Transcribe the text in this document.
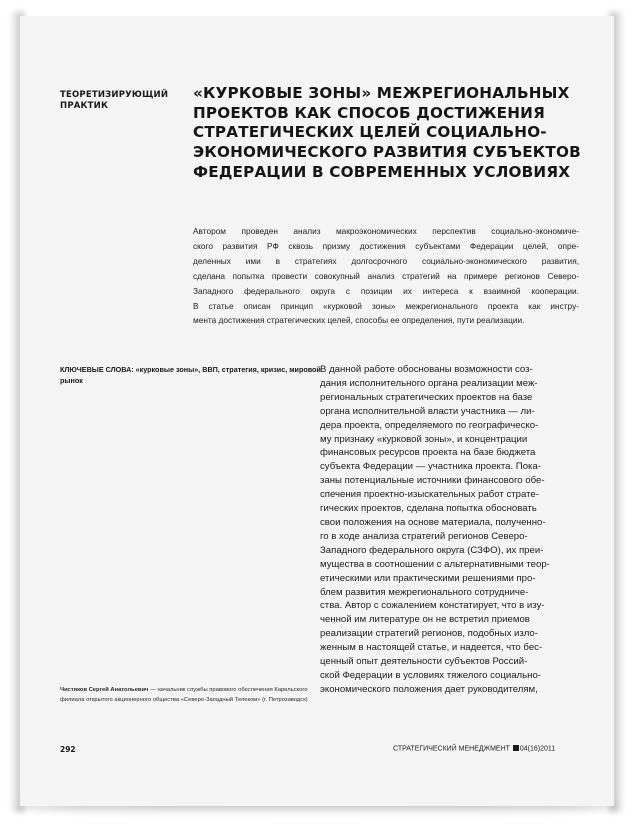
ТЕОРЕТИЗИРУЮЩИЙ
ПРАКТИК
«КУРКОВЫЕ ЗОНЫ» МЕЖРЕГИОНАЛЬНЫХ
ПРОЕКТОВ КАК СПОСОБ ДОСТИЖЕНИЯ
СТРАТЕГИЧЕСКИХ ЦЕЛЕЙ СОЦИАЛЬНО-
ЭКОНОМИЧЕСКОГО РАЗВИТИЯ СУБЪЕКТОВ
ФЕДЕРАЦИИ В СОВРЕМЕННЫХ УСЛОВИЯХ
Автором проведен анализ макроэкономических перспектив социально-экономиче-
ского развития РФ сквозь призму достижения субъектами Федерации целей, опре-
деленных ими в стратегиях долгосрочного социально-экономического развития,
сделана попытка провести совокупный анализ стратегий на примере регионов Северо-
Западного федерального округа с позиции их интереса к взаимной кооперации.
В статье описан принцип «курковой зоны» межрегионального проекта как инстру-
мента достижения стратегических целей, способы ее определения, пути реализации.
КЛЮЧЕВЫЕ СЛОВА: «курковые зоны», ВВП, стратегия, кризис, мировой рынок
В данной работе обоснованы возможности соз-
дания исполнительного органа реализации меж-
региональных стратегических проектов на базе
органа исполнительной власти участника — ли-
дера проекта, определяемого по географическо-
му признаку «курковой зоны», и концентрации
финансовых ресурсов проекта на базе бюджета
субъекта Федерации — участника проекта. Пока-
заны потенциальные источники финансового обе-
спечения проектно-изыскательных работ страте-
гических проектов, сделана попытка обосновать
свои положения на основе материала, полученно-
го в ходе анализа стратегий регионов Северо-
Западного федерального округа (СЗФО), их преи-
мущества в соотношении с альтернативными теор-
етическими или практическими решениями про-
блем развития межрегионального сотрудниче-
ства. Автор с сожалением констатирует, что в изу-
ченной им литературе он не встретил приемов
реализации стратегий регионов, подобных изло-
женным в настоящей статье, и надеется, что бес-
ценный опыт деятельности субъектов Россий-
ской Федерации в условиях тяжелого социально-
экономического положения дает руководителям,
Чистяков Сергей Анатольевич — начальник службы правового обеспечения Карельского
филиала открытого акционерного общества «Северо-Западный Телеком» (г. Петрозаводск)
292	СТРАТЕГИЧЕСКИЙ МЕНЕДЖМЕНТ 04(16)2011
